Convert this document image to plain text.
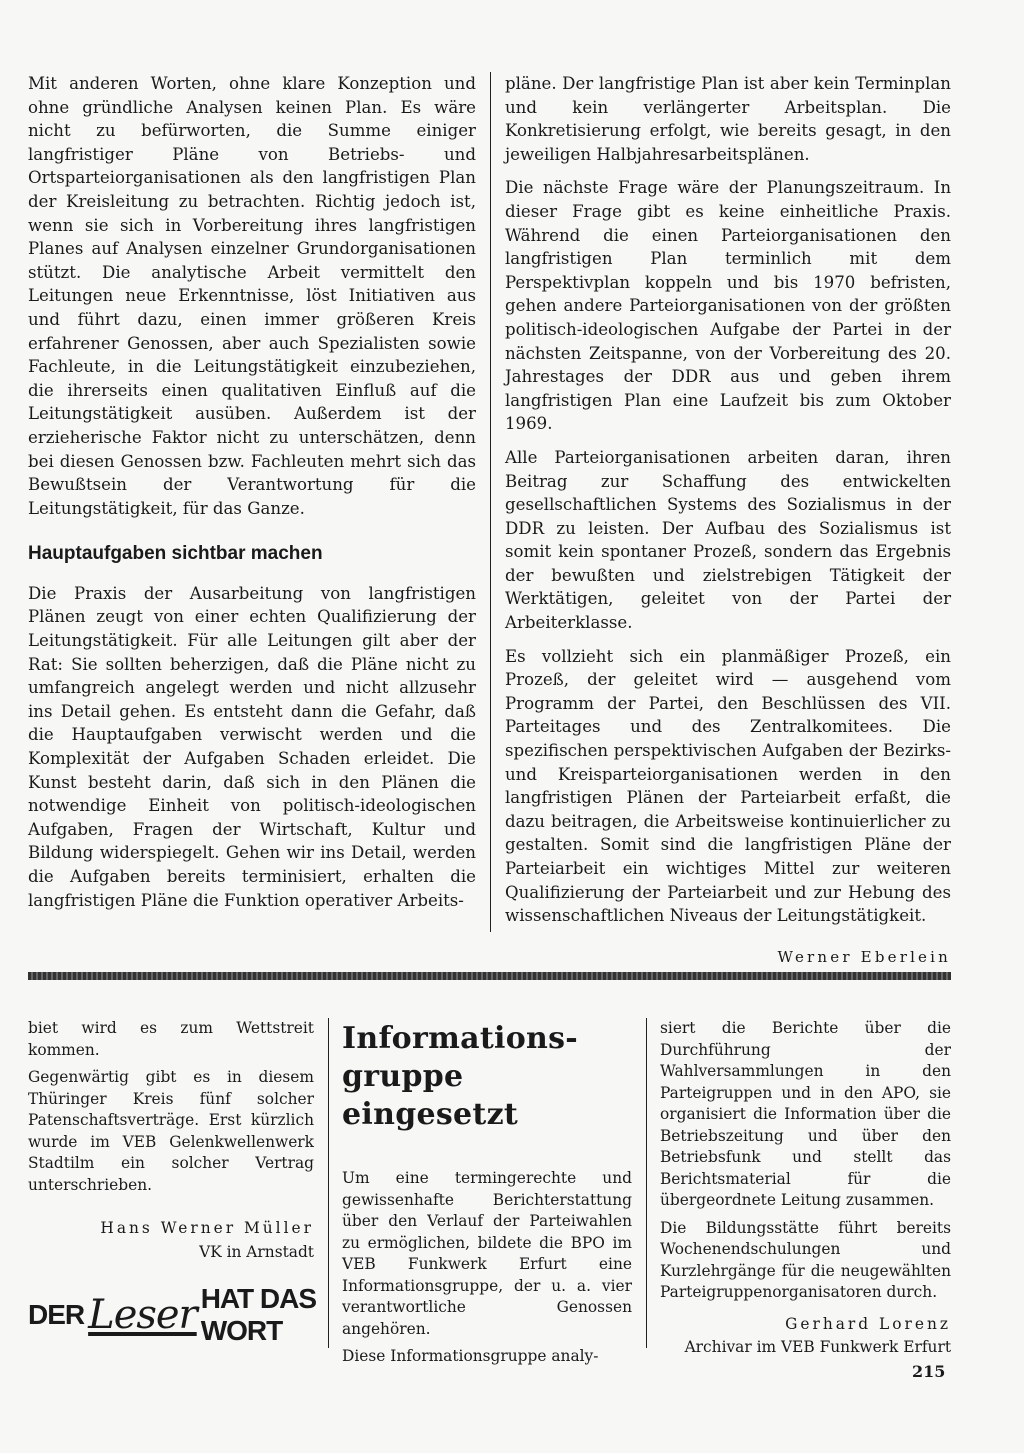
Mit anderen Worten, ohne klare Konzeption und ohne gründliche Analysen keinen Plan. Es wäre nicht zu befürworten, die Summe einiger langfristiger Pläne von Betriebs- und Ortsparteiorganisationen als den langfristigen Plan der Kreisleitung zu betrachten. Richtig jedoch ist, wenn sie sich in Vorbereitung ihres langfristigen Planes auf Analysen einzelner Grundorganisationen stützt. Die analytische Arbeit vermittelt den Leitungen neue Erkenntnisse, löst Initiativen aus und führt dazu, einen immer größeren Kreis erfahrener Genossen, aber auch Spezialisten sowie Fachleute, in die Leitungstätigkeit einzubeziehen, die ihrerseits einen qualitativen Einfluß auf die Leitungstätigkeit ausüben. Außerdem ist der erzieherische Faktor nicht zu unterschätzen, denn bei diesen Genossen bzw. Fachleuten mehrt sich das Bewußtsein der Verantwortung für die Leitungstätigkeit, für das Ganze.

Hauptaufgaben sichtbar machen

Die Praxis der Ausarbeitung von langfristigen Plänen zeugt von einer echten Qualifizierung der Leitungstätigkeit. Für alle Leitungen gilt aber der Rat: Sie sollten beherzigen, daß die Pläne nicht zu umfangreich angelegt werden und nicht allzusehr ins Detail gehen. Es entsteht dann die Gefahr, daß die Hauptaufgaben verwischt werden und die Komplexität der Aufgaben Schaden erleidet. Die Kunst besteht darin, daß sich in den Plänen die notwendige Einheit von politisch-ideologischen Aufgaben, Fragen der Wirtschaft, Kultur und Bildung widerspiegelt. Gehen wir ins Detail, werden die Aufgaben bereits terminisiert, erhalten die langfristigen Pläne die Funktion operativer Arbeits-

pläne. Der langfristige Plan ist aber kein Terminplan und kein verlängerter Arbeitsplan. Die Konkretisierung erfolgt, wie bereits gesagt, in den jeweiligen Halbjahresarbeitsplänen.

Die nächste Frage wäre der Planungszeitraum. In dieser Frage gibt es keine einheitliche Praxis. Während die einen Parteiorganisationen den langfristigen Plan terminlich mit dem Perspektivplan koppeln und bis 1970 befristen, gehen andere Parteiorganisationen von der größten politisch-ideologischen Aufgabe der Partei in der nächsten Zeitspanne, von der Vorbereitung des 20. Jahrestages der DDR aus und geben ihrem langfristigen Plan eine Laufzeit bis zum Oktober 1969.

Alle Parteiorganisationen arbeiten daran, ihren Beitrag zur Schaffung des entwickelten gesellschaftlichen Systems des Sozialismus in der DDR zu leisten. Der Aufbau des Sozialismus ist somit kein spontaner Prozeß, sondern das Ergebnis der bewußten und zielstrebigen Tätigkeit der Werktätigen, geleitet von der Partei der Arbeiterklasse.

Es vollzieht sich ein planmäßiger Prozeß, ein Prozeß, der geleitet wird — ausgehend vom Programm der Partei, den Beschlüssen des VII. Parteitages und des Zentralkomitees. Die spezifischen perspektivischen Aufgaben der Bezirks- und Kreisparteiorganisationen werden in den langfristigen Plänen der Parteiarbeit erfaßt, die dazu beitragen, die Arbeitsweise kontinuierlicher zu gestalten. Somit sind die langfristigen Pläne der Parteiarbeit ein wichtiges Mittel zur weiteren Qualifizierung der Parteiarbeit und zur Hebung des wissenschaftlichen Niveaus der Leitungstätigkeit.

Werner Eberlein

biet wird es zum Wettstreit kommen.

Gegenwärtig gibt es in diesem Thüringer Kreis fünf solcher Patenschaftsverträge. Erst kürzlich wurde im VEB Gelenkwellenwerk Stadtilm ein solcher Vertrag unterschrieben.

Hans Werner Müller
VK in Arnstadt
DER Leser HAT DAS WORT
Informations-gruppe eingesetzt

Um eine termingerechte und gewissenhafte Berichterstattung über den Verlauf der Parteiwahlen zu ermöglichen, bildete die BPO im VEB Funkwerk Erfurt eine Informationsgruppe, der u. a. vier verantwortliche Genossen angehören.

Diese Informationsgruppe analy-

siert die Berichte über die Durchführung der Wahlversammlungen in den Parteigruppen und in den APO, sie organisiert die Information über die Betriebszeitung und über den Betriebsfunk und stellt das Berichtsmaterial für die übergeordnete Leitung zusammen.

Die Bildungsstätte führt bereits Wochenendschulungen und Kurzlehrgänge für die neugewählten Parteigruppenorganisatoren durch.

Gerhard Lorenz
Archivar im VEB Funkwerk Erfurt
215
